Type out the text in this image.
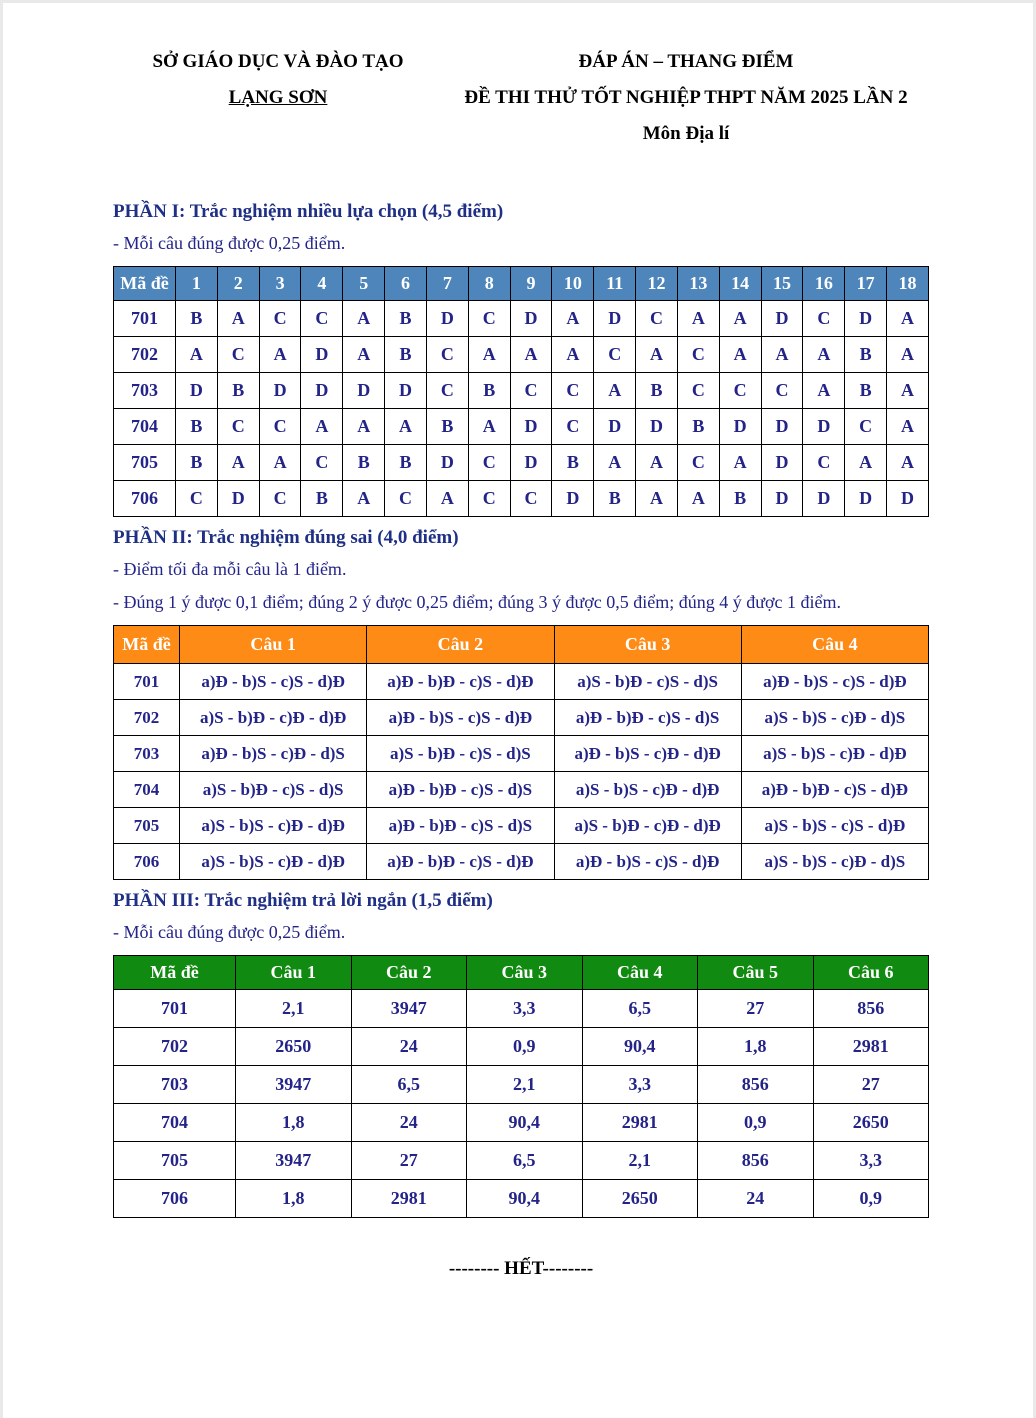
SỞ GIÁO DỤC VÀ ĐÀO TẠO

LẠNG SƠN

ĐÁP ÁN – THANG ĐIỂM

ĐỀ THI THỬ TỐT NGHIỆP THPT NĂM 2025 LẦN 2

Môn Địa lí

PHẦN I: Trắc nghiệm nhiều lựa chọn (4,5 điểm)

- Mỗi câu đúng được 0,25 điểm.

Mã đề	1	2	3	4	5	6	7	8	9	10	11	12	13	14	15	16	17	18
701	B	A	C	C	A	B	D	C	D	A	D	C	A	A	D	C	D	A
702	A	C	A	D	A	B	C	A	A	A	C	A	C	A	A	A	B	A
703	D	B	D	D	D	D	C	B	C	C	A	B	C	C	C	A	B	A
704	B	C	C	A	A	A	B	A	D	C	D	D	B	D	D	D	C	A
705	B	A	A	C	B	B	D	C	D	B	A	A	C	A	D	C	A	A
706	C	D	C	B	A	C	A	C	C	D	B	A	A	B	D	D	D	D

PHẦN II: Trắc nghiệm đúng sai (4,0 điểm)

- Điểm tối đa mỗi câu là 1 điểm.

- Đúng 1 ý được 0,1 điểm; đúng 2 ý được 0,25 điểm; đúng 3 ý được 0,5 điểm; đúng 4 ý được 1 điểm.

Mã đề	Câu 1	Câu 2	Câu 3	Câu 4
701	a)Đ - b)S - c)S - d)Đ	a)Đ - b)Đ - c)S - d)Đ	a)S - b)Đ - c)S - d)S	a)Đ - b)S - c)S - d)Đ
702	a)S - b)Đ - c)Đ - d)Đ	a)Đ - b)S - c)S - d)Đ	a)Đ - b)Đ - c)S - d)S	a)S - b)S - c)Đ - d)S
703	a)Đ - b)S - c)Đ - d)S	a)S - b)Đ - c)S - d)S	a)Đ - b)S - c)Đ - d)Đ	a)S - b)S - c)Đ - d)Đ
704	a)S - b)Đ - c)S - d)S	a)Đ - b)Đ - c)S - d)S	a)S - b)S - c)Đ - d)Đ	a)Đ - b)Đ - c)S - d)Đ
705	a)S - b)S - c)Đ - d)Đ	a)Đ - b)Đ - c)S - d)S	a)S - b)Đ - c)Đ - d)Đ	a)S - b)S - c)S - d)Đ
706	a)S - b)S - c)Đ - d)Đ	a)Đ - b)Đ - c)S - d)Đ	a)Đ - b)S - c)S - d)Đ	a)S - b)S - c)Đ - d)S

PHẦN III: Trắc nghiệm trả lời ngắn (1,5 điểm)

- Mỗi câu đúng được 0,25 điểm.

Mã đề	Câu 1	Câu 2	Câu 3	Câu 4	Câu 5	Câu 6
701	2,1	3947	3,3	6,5	27	856
702	2650	24	0,9	90,4	1,8	2981
703	3947	6,5	2,1	3,3	856	27
704	1,8	24	90,4	2981	0,9	2650
705	3947	27	6,5	2,1	856	3,3
706	1,8	2981	90,4	2650	24	0,9

-------- HẾT--------
